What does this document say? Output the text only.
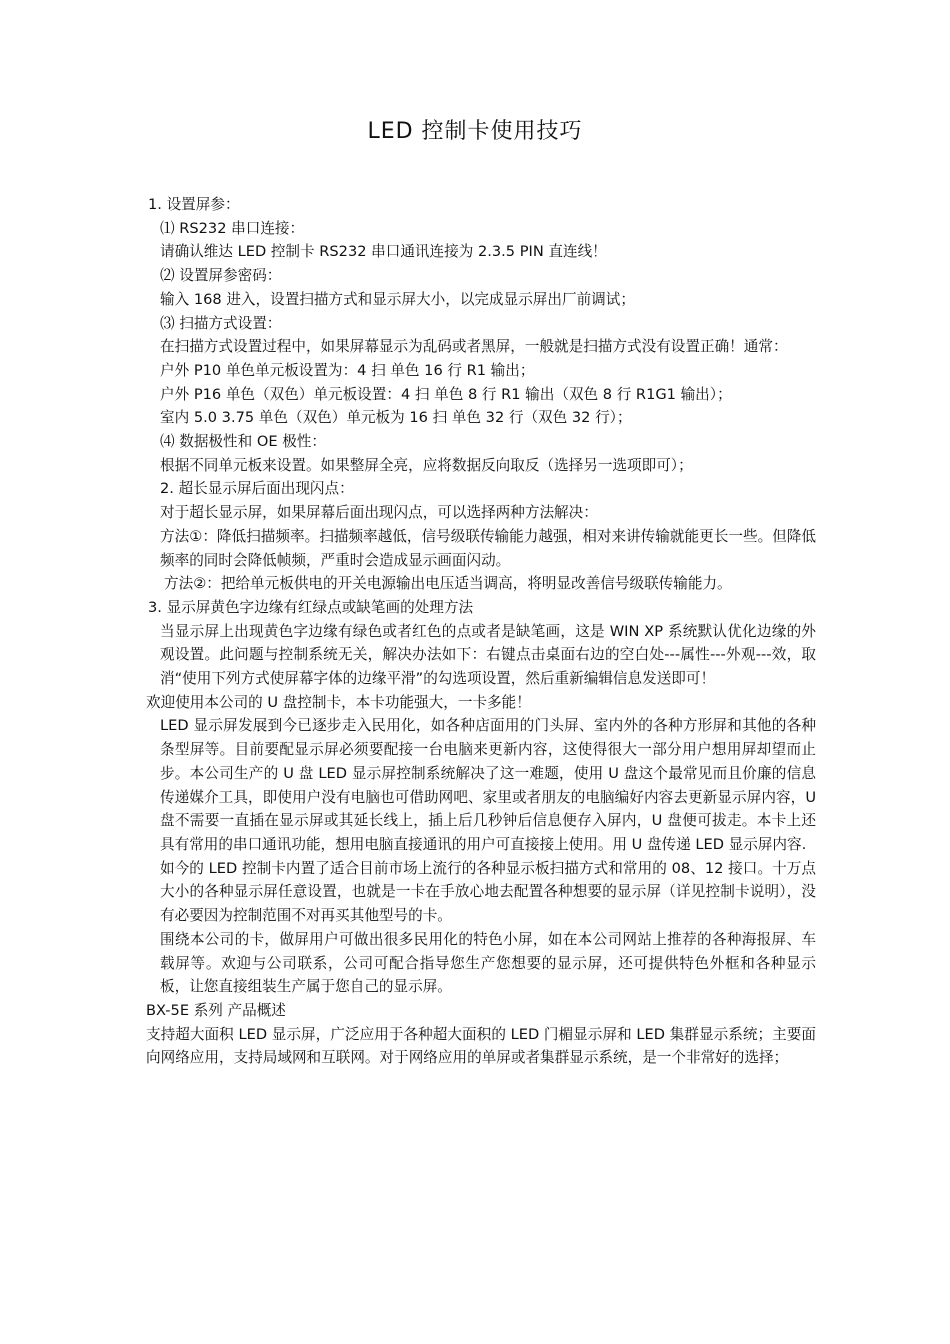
LED 控制卡使用技巧

1. 设置屏参：

⑴ RS232 串口连接：

请确认维达 LED 控制卡 RS232 串口通讯连接为 2.3.5 PIN 直连线！

⑵ 设置屏参密码：

输入 168 进入，设置扫描方式和显示屏大小，以完成显示屏出厂前调试；

⑶ 扫描方式设置：

在扫描方式设置过程中，如果屏幕显示为乱码或者黑屏，一般就是扫描方式没有设置正确！通常：

户外 P10 单色单元板设置为：4 扫 单色 16 行 R1 输出；

户外 P16 单色（双色）单元板设置：4 扫 单色 8 行 R1 输出（双色 8 行 R1G1 输出）；

室内 5.0 3.75 单色（双色）单元板为 16 扫 单色 32 行（双色 32 行）；

⑷ 数据极性和 OE 极性：

根据不同单元板来设置。如果整屏全亮，应将数据反向取反（选择另一选项即可）；

2. 超长显示屏后面出现闪点：

对于超长显示屏，如果屏幕后面出现闪点，可以选择两种方法解决：

方法①：降低扫描频率。扫描频率越低，信号级联传输能力越强，相对来讲传输就能更长一些。但降低频率的同时会降低帧频，严重时会造成显示画面闪动。

方法②：把给单元板供电的开关电源输出电压适当调高，将明显改善信号级联传输能力。

3. 显示屏黄色字边缘有红绿点或缺笔画的处理方法

当显示屏上出现黄色字边缘有绿色或者红色的点或者是缺笔画，这是 WIN XP 系统默认优化边缘的外观设置。此问题与控制系统无关，解决办法如下：右键点击桌面右边的空白处---属性---外观---效，取消“使用下列方式使屏幕字体的边缘平滑”的勾选项设置，然后重新编辑信息发送即可！

欢迎使用本公司的 U 盘控制卡，本卡功能强大，一卡多能！

LED 显示屏发展到今已逐步走入民用化，如各种店面用的门头屏、室内外的各种方形屏和其他的各种条型屏等。目前要配显示屏必须要配接一台电脑来更新内容，这使得很大一部分用户想用屏却望而止步。本公司生产的 U 盘 LED 显示屏控制系统解决了这一难题，使用 U 盘这个最常见而且价廉的信息传递媒介工具，即使用户没有电脑也可借助网吧、家里或者朋友的电脑编好内容去更新显示屏内容，U 盘不需要一直插在显示屏或其延长线上，插上后几秒钟后信息便存入屏内，U 盘便可拔走。本卡上还具有常用的串口通讯功能，想用电脑直接通讯的用户可直接接上使用。用 U 盘传递 LED 显示屏内容.

如今的 LED 控制卡内置了适合目前市场上流行的各种显示板扫描方式和常用的 08、12 接口。十万点大小的各种显示屏任意设置，也就是一卡在手放心地去配置各种想要的显示屏（详见控制卡说明），没有必要因为控制范围不对再买其他型号的卡。

围绕本公司的卡，做屏用户可做出很多民用化的特色小屏，如在本公司网站上推荐的各种海报屏、车载屏等。欢迎与公司联系，公司可配合指导您生产您想要的显示屏，还可提供特色外框和各种显示板，让您直接组装生产属于您自己的显示屏。

BX-5E 系列 产品概述

支持超大面积 LED 显示屏，广泛应用于各种超大面积的 LED 门楣显示屏和 LED 集群显示系统；主要面向网络应用，支持局域网和互联网。对于网络应用的单屏或者集群显示系统，是一个非常好的选择；
